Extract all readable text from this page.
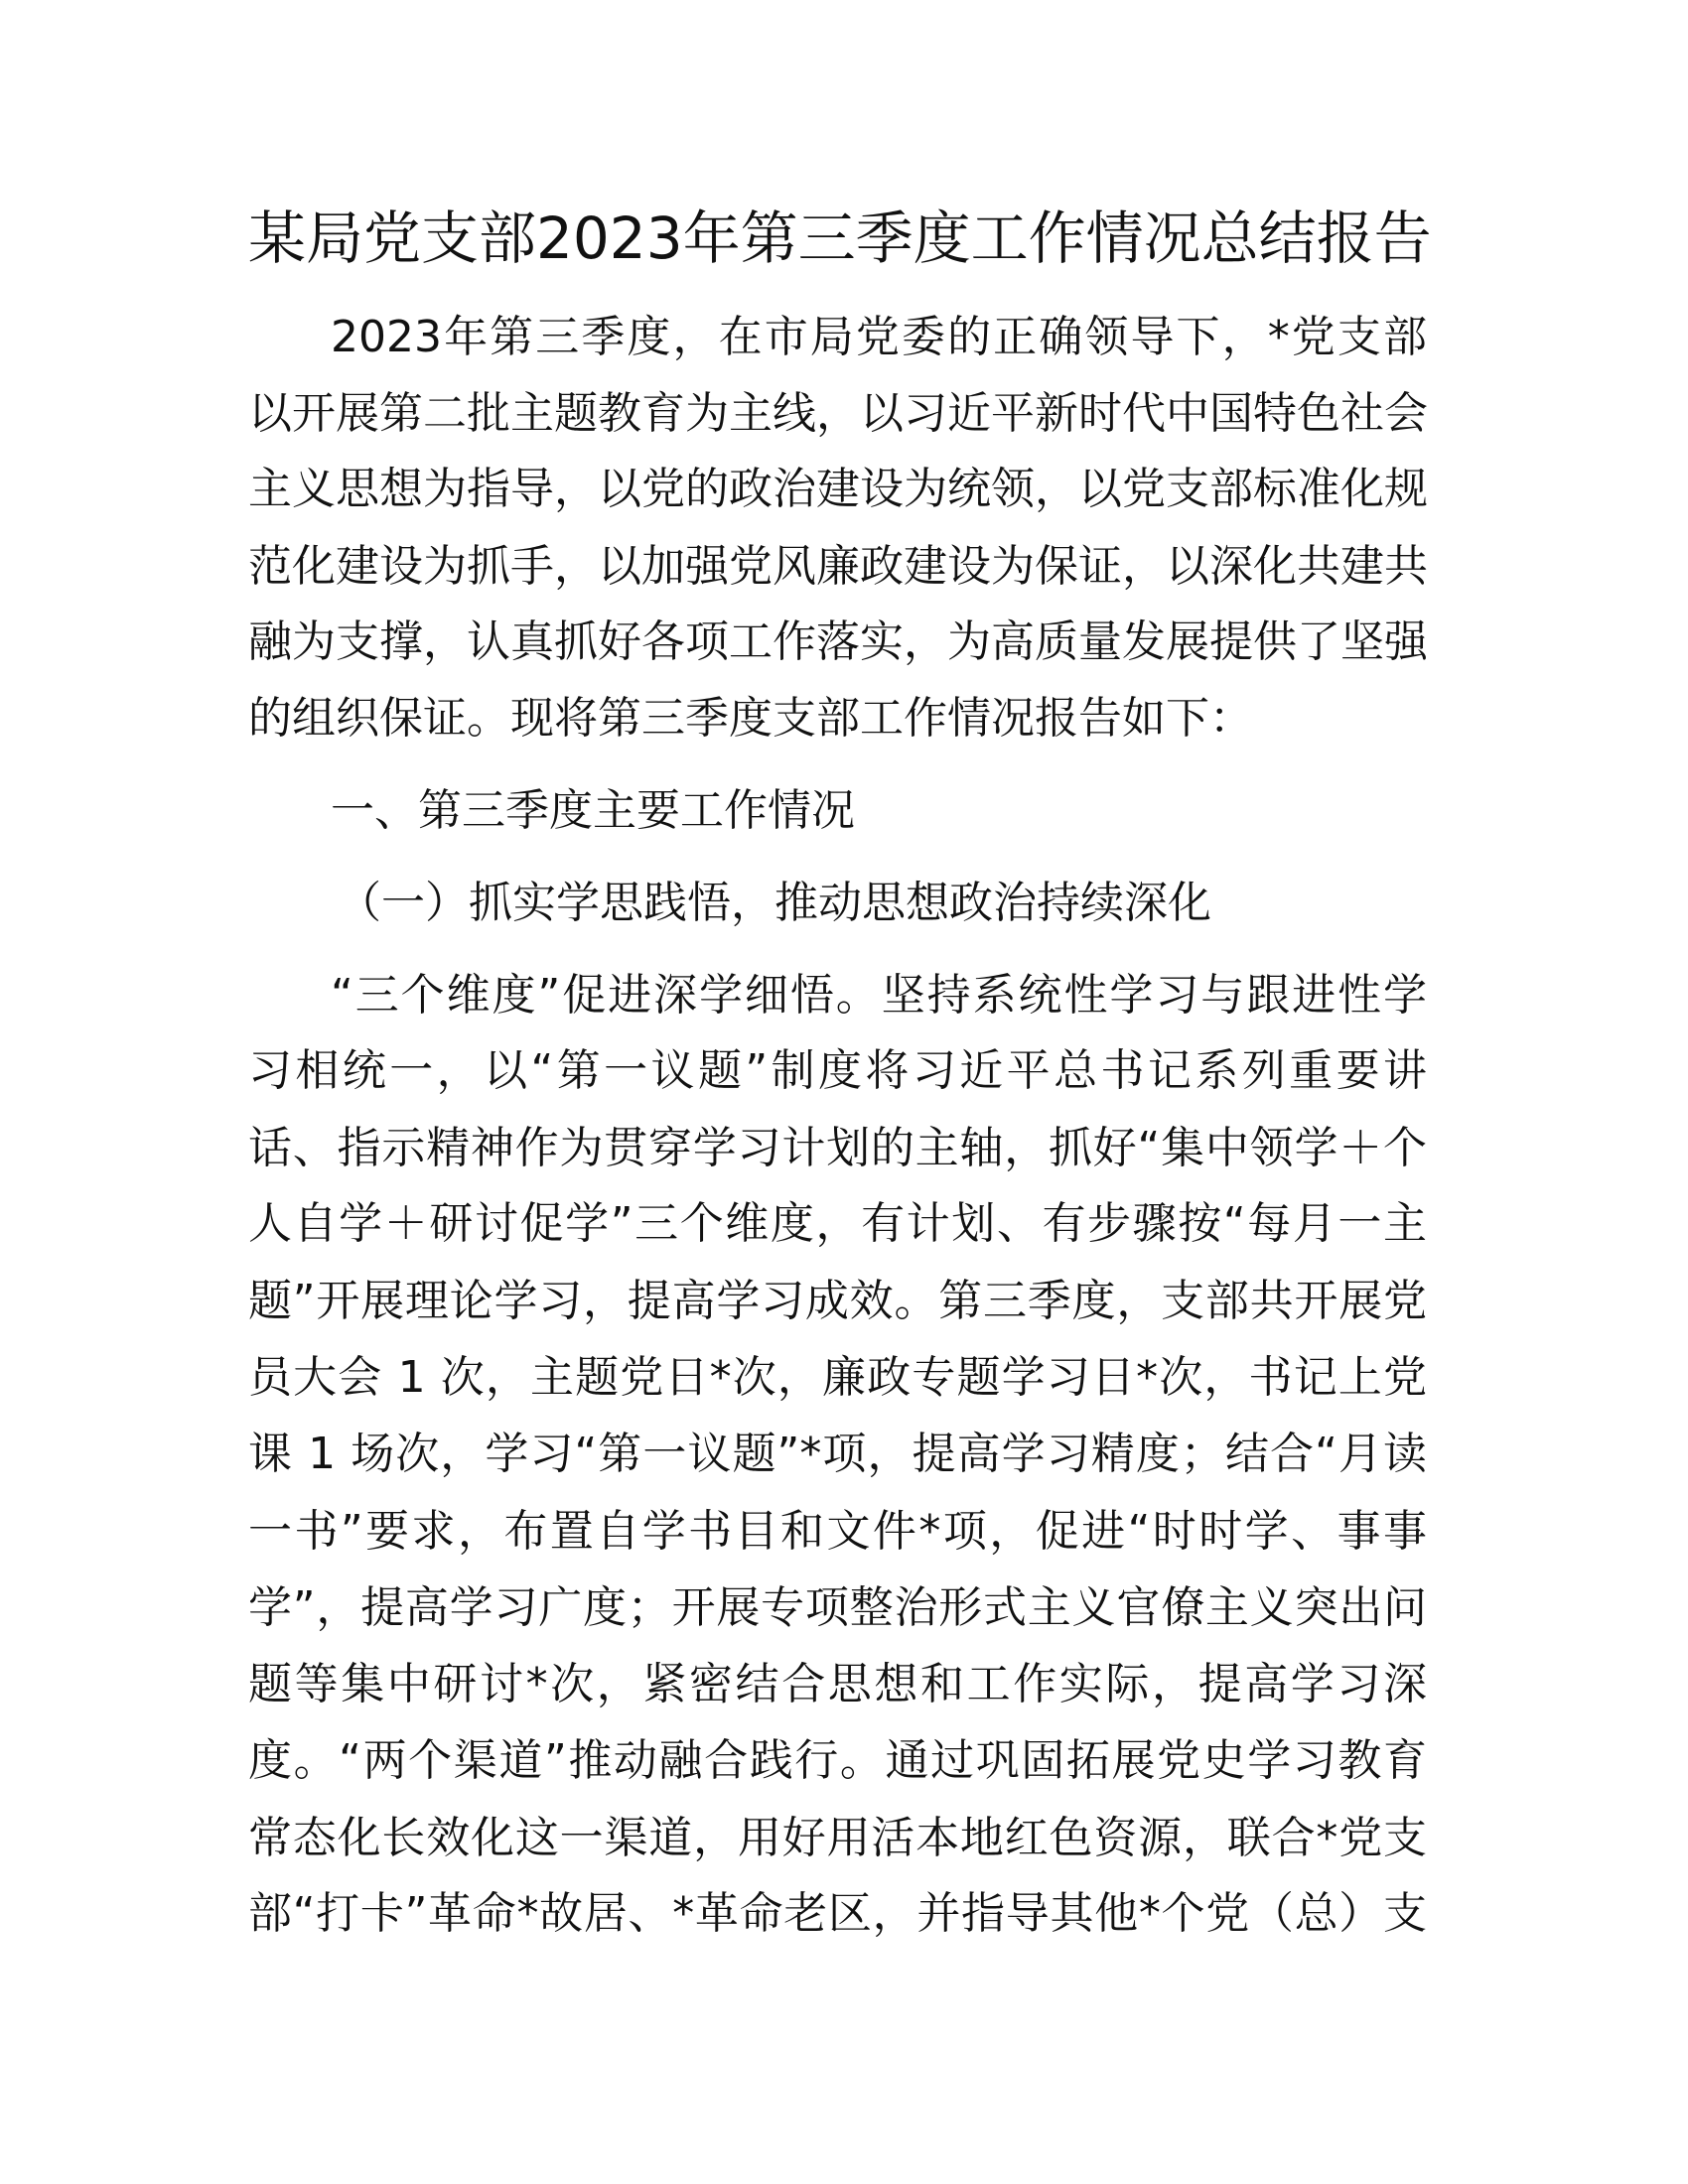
某局党支部2023年第三季度工作情况总结报告
2023年第三季度，在市局党委的正确领导下，*党支部
以开展第二批主题教育为主线，以习近平新时代中国特色社会
主义思想为指导，以党的政治建设为统领，以党支部标准化规
范化建设为抓手，以加强党风廉政建设为保证，以深化共建共
融为支撑，认真抓好各项工作落实，为高质量发展提供了坚强
的组织保证。现将第三季度支部工作情况报告如下：
一、第三季度主要工作情况
（一）抓实学思践悟，推动思想政治持续深化
“三个维度”促进深学细悟。坚持系统性学习与跟进性学
习相统一，以“第一议题”制度将习近平总书记系列重要讲
话、指示精神作为贯穿学习计划的主轴，抓好“集中领学＋个
人自学＋研讨促学”三个维度，有计划、有步骤按“每月一主
题”开展理论学习，提高学习成效。第三季度，支部共开展党
员大会 1 次，主题党日*次，廉政专题学习日*次，书记上党
课 1 场次，学习“第一议题”*项，提高学习精度；结合“月读
一书”要求，布置自学书目和文件*项，促进“时时学、事事
学”，提高学习广度；开展专项整治形式主义官僚主义突出问
题等集中研讨*次，紧密结合思想和工作实际，提高学习深
度。“两个渠道”推动融合践行。通过巩固拓展党史学习教育
常态化长效化这一渠道，用好用活本地红色资源，联合*党支
部“打卡”革命*故居、*革命老区，并指导其他*个党（总）支
